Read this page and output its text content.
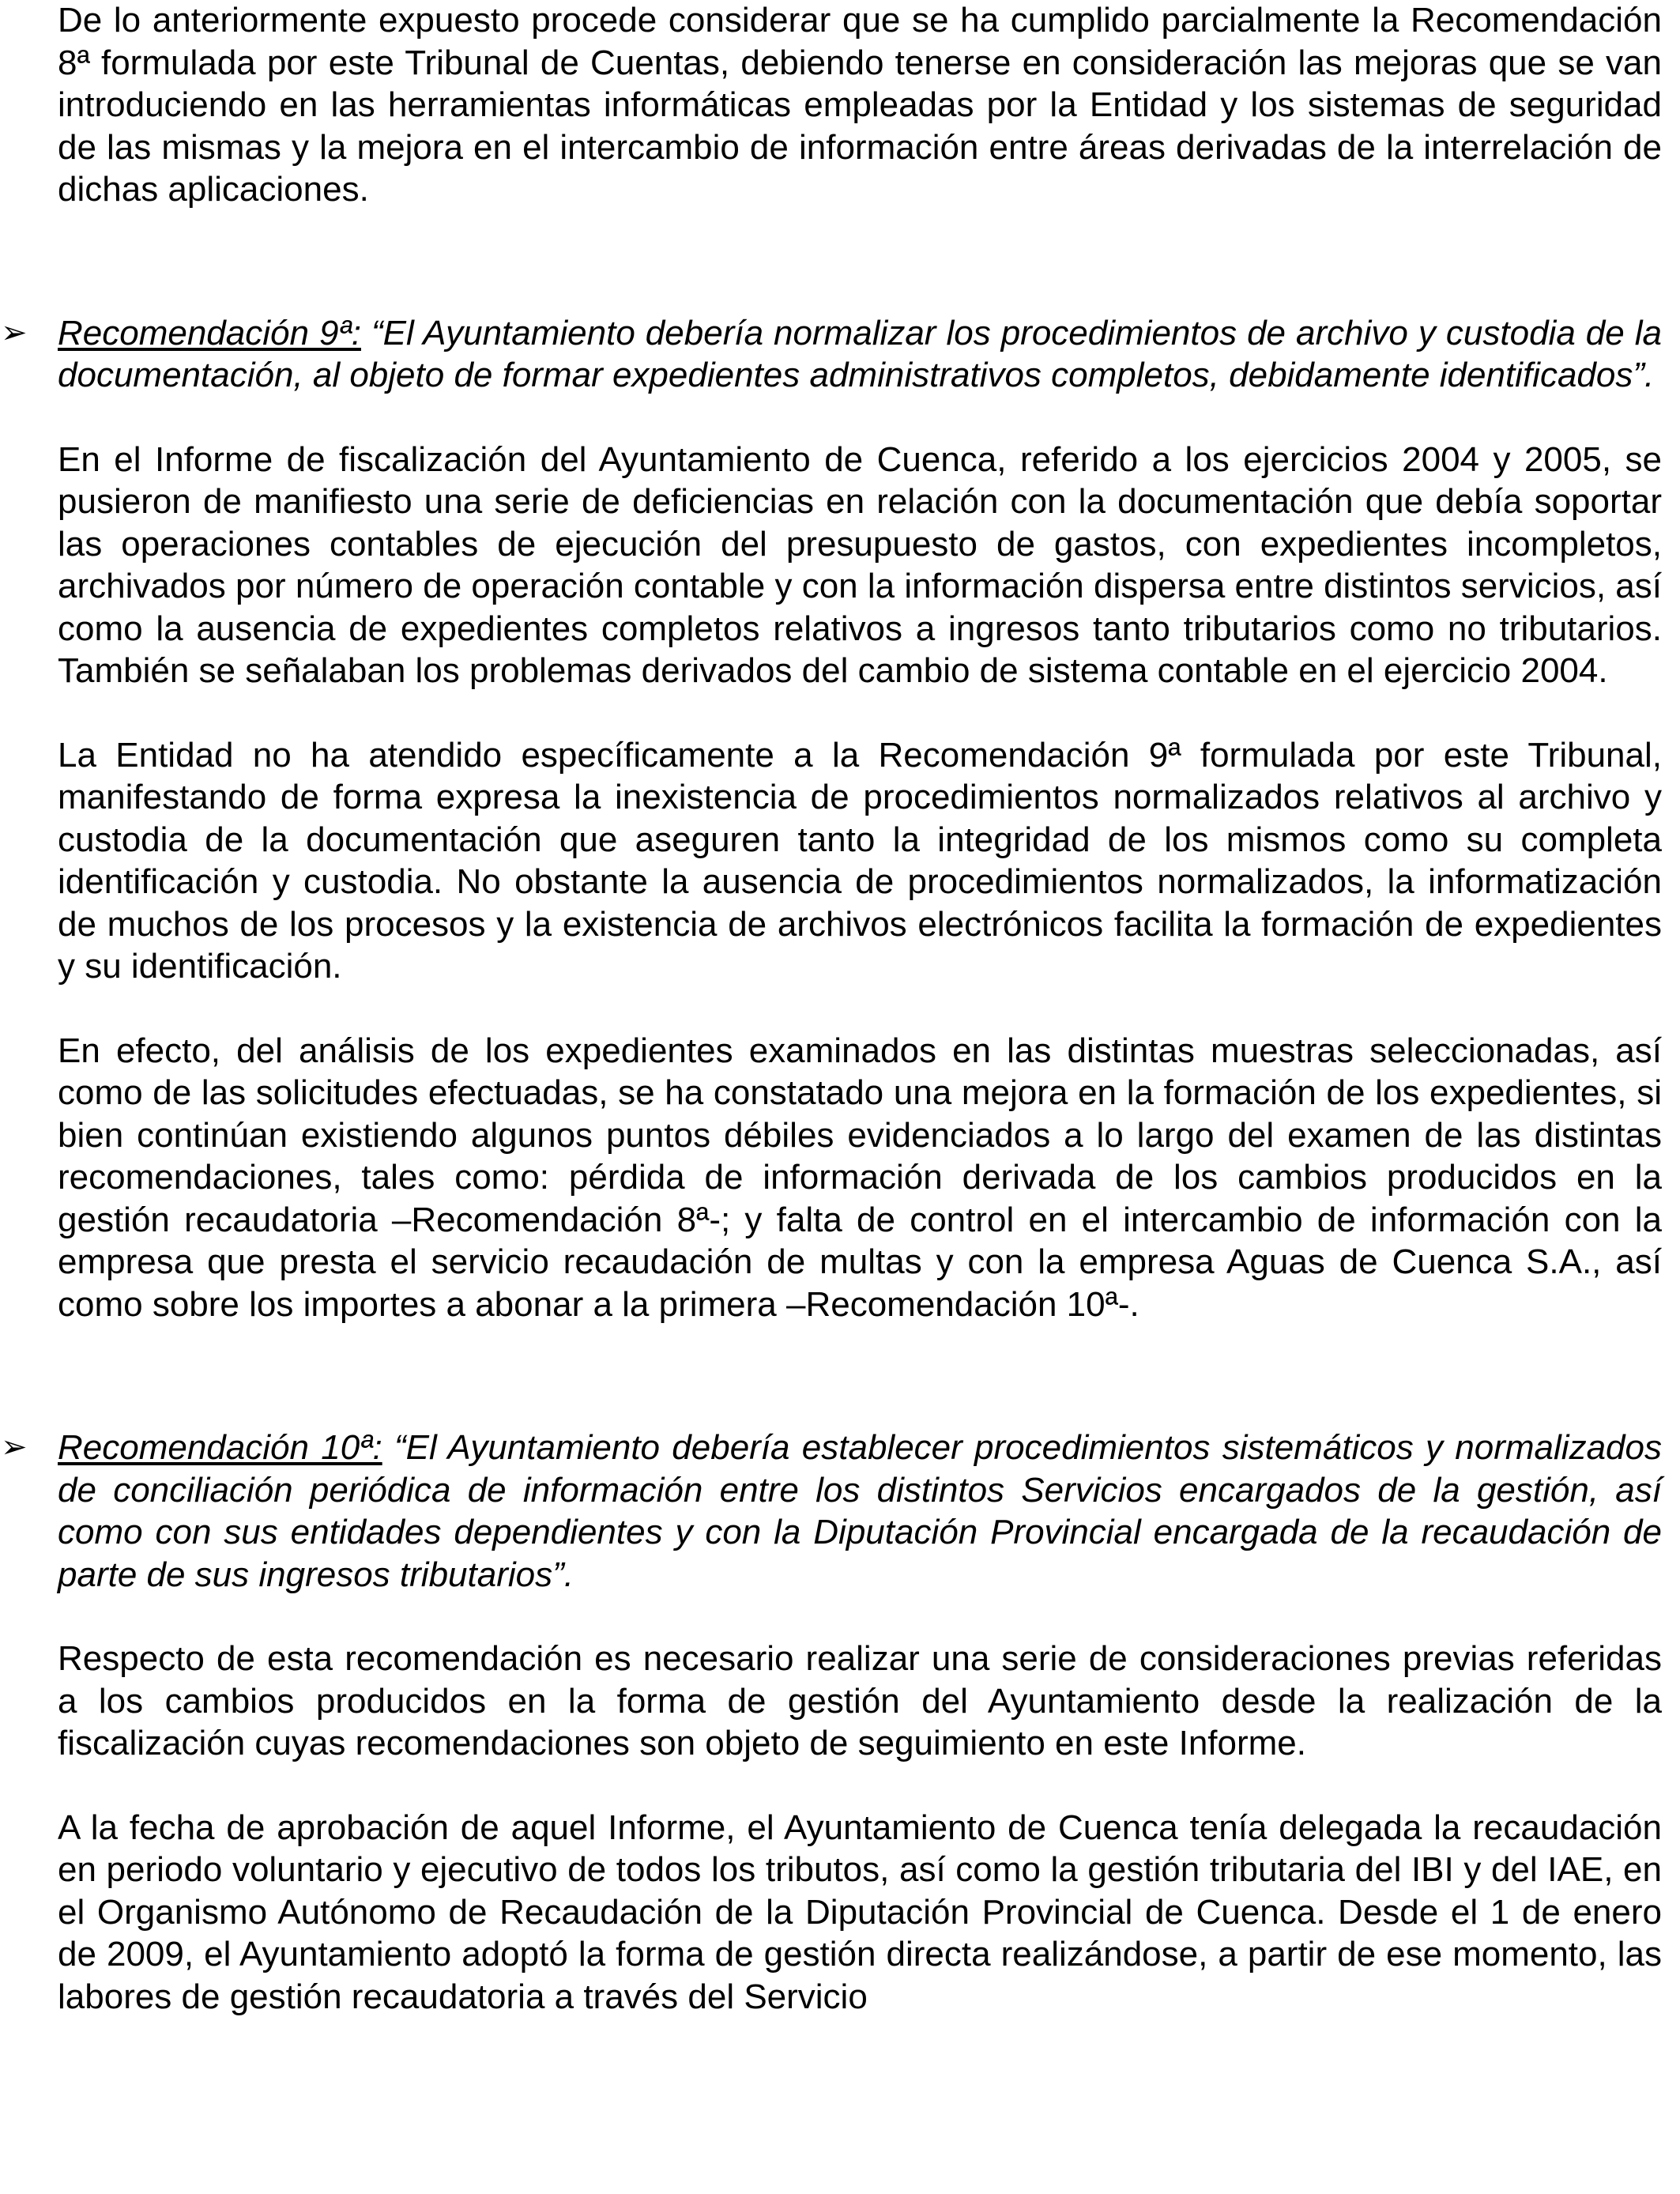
De lo anteriormente expuesto procede considerar que se ha cumplido parcialmente la Recomendación 8ª formulada por este Tribunal de Cuentas, debiendo tenerse en consideración las mejoras que se van introduciendo en las herramientas informáticas empleadas por la Entidad y los sistemas de seguridad de las mismas y la mejora en el intercambio de información entre áreas derivadas de la interrelación de dichas aplicaciones.

➢ Recomendación 9ª: “El Ayuntamiento debería normalizar los procedimientos de archivo y custodia de la documentación, al objeto de formar expedientes administrativos completos, debidamente identificados”.

En el Informe de fiscalización del Ayuntamiento de Cuenca, referido a los ejercicios 2004 y 2005, se pusieron de manifiesto una serie de deficiencias en relación con la documentación que debía soportar las operaciones contables de ejecución del presupuesto de gastos, con expedientes incompletos, archivados por número de operación contable y con la información dispersa entre distintos servicios, así como la ausencia de expedientes completos relativos a ingresos tanto tributarios como no tributarios. También se señalaban los problemas derivados del cambio de sistema contable en el ejercicio 2004.

La Entidad no ha atendido específicamente a la Recomendación 9ª formulada por este Tribunal, manifestando de forma expresa la inexistencia de procedimientos normalizados relativos al archivo y custodia de la documentación que aseguren tanto la integridad de los mismos como su completa identificación y custodia. No obstante la ausencia de procedimientos normalizados, la informatización de muchos de los procesos y la existencia de archivos electrónicos facilita la formación de expedientes y su identificación.

En efecto, del análisis de los expedientes examinados en las distintas muestras seleccionadas, así como de las solicitudes efectuadas, se ha constatado una mejora en la formación de los expedientes, si bien continúan existiendo algunos puntos débiles evidenciados a lo largo del examen de las distintas recomendaciones, tales como: pérdida de información derivada de los cambios producidos en la gestión recaudatoria –Recomendación 8ª-; y falta de control en el intercambio de información con la empresa que presta el servicio recaudación de multas y con la empresa Aguas de Cuenca S.A., así como sobre los importes a abonar a la primera –Recomendación 10ª-.

➢ Recomendación 10ª: “El Ayuntamiento debería establecer procedimientos sistemáticos y normalizados de conciliación periódica de información entre los distintos Servicios encargados de la gestión, así como con sus entidades dependientes y con la Diputación Provincial encargada de la recaudación de parte de sus ingresos tributarios”.

Respecto de esta recomendación es necesario realizar una serie de consideraciones previas referidas a los cambios producidos en la forma de gestión del Ayuntamiento desde la realización de la fiscalización cuyas recomendaciones son objeto de seguimiento en este Informe.

A la fecha de aprobación de aquel Informe, el Ayuntamiento de Cuenca tenía delegada la recaudación en periodo voluntario y ejecutivo de todos los tributos, así como la gestión tributaria del IBI y del IAE, en el Organismo Autónomo de Recaudación de la Diputación Provincial de Cuenca. Desde el 1 de enero de 2009, el Ayuntamiento adoptó la forma de gestión directa realizándose, a partir de ese momento, las labores de gestión recaudatoria a través del Servicio
